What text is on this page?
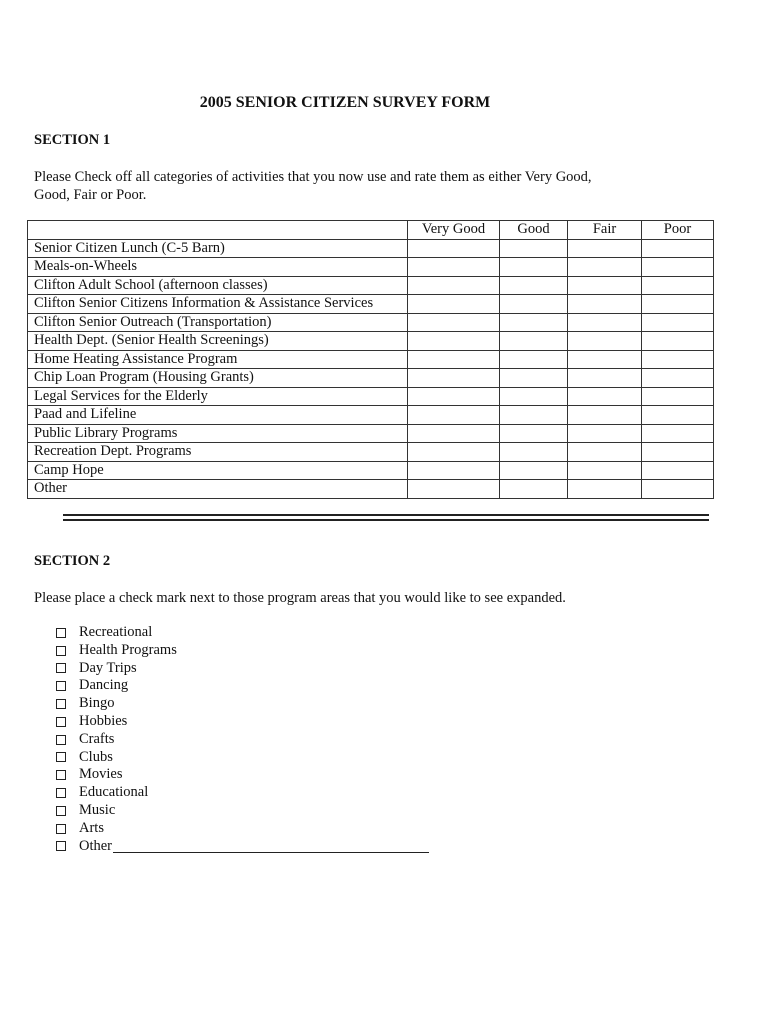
2005 SENIOR CITIZEN SURVEY FORM
SECTION 1
Please Check off all categories of activities that you now use and rate them as either Very Good,
Good, Fair or Poor.
	Very Good	Good	Fair	Poor
Senior Citizen Lunch (C-5 Barn)				
Meals-on-Wheels				
Clifton Adult School (afternoon classes)				
Clifton Senior Citizens Information & Assistance Services				
Clifton Senior Outreach (Transportation)				
Health Dept. (Senior Health Screenings)				
Home Heating Assistance Program				
Chip Loan Program (Housing Grants)				
Legal Services for the Elderly				
Paad and Lifeline				
Public Library Programs				
Recreation Dept. Programs				
Camp Hope				
Other				
SECTION 2
Please place a check mark next to those program areas that you would like to see expanded.
Recreational
Health Programs
Day Trips
Dancing
Bingo
Hobbies
Crafts
Clubs
Movies
Educational
Music
Arts
Other
